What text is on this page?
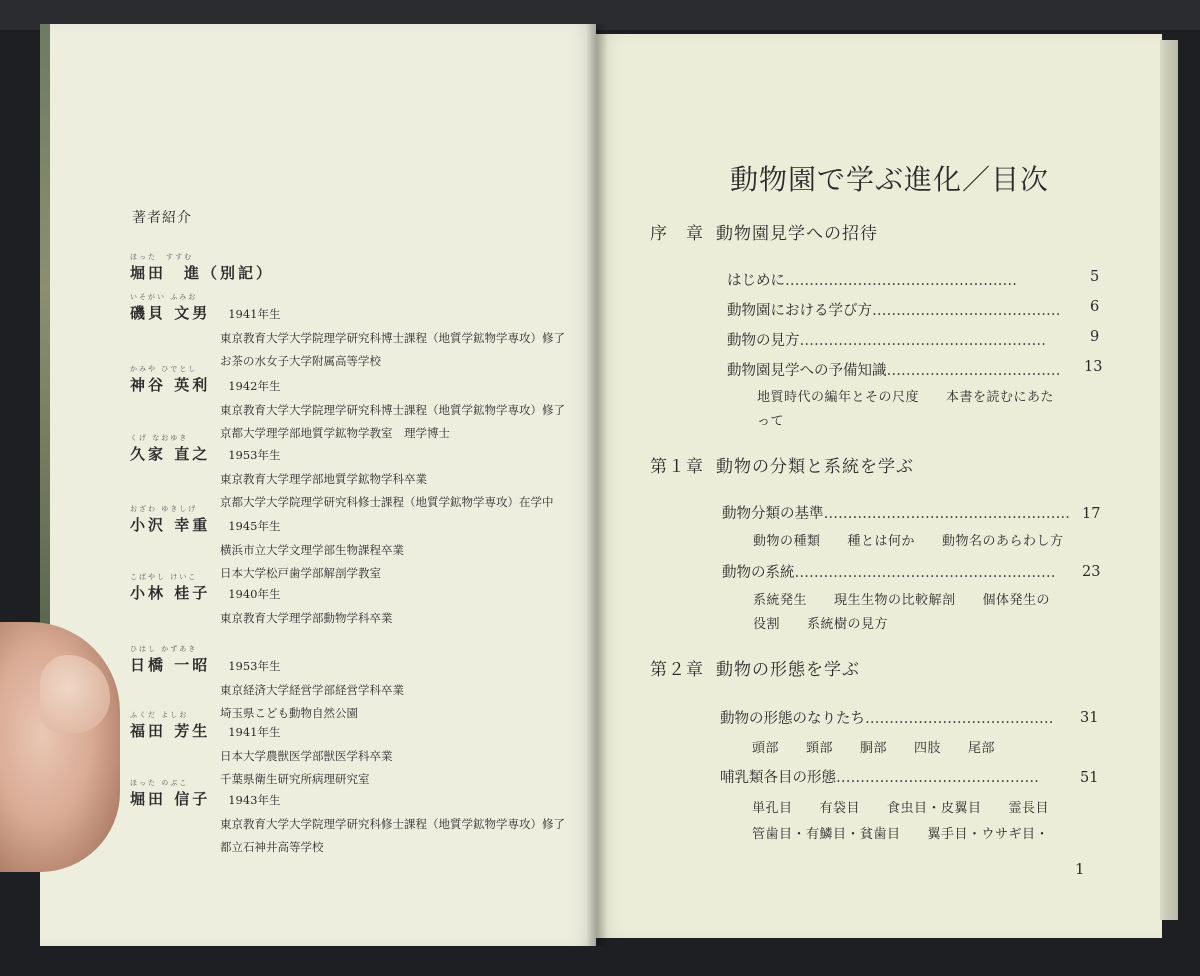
著者紹介
ほった　すすむ
堀田　進（別記）
いそがい ふみお
磯貝 文男 1941年生
東京教育大学大学院理学研究科博士課程（地質学鉱物学専攻）修了
お茶の水女子大学附属高等学校
かみや ひでとし
神谷 英利 1942年生
東京教育大学大学院理学研究科博士課程（地質学鉱物学専攻）修了
京都大学理学部地質学鉱物学教室　理学博士
くげ なおゆき
久家 直之 1953年生
東京教育大学理学部地質学鉱物学科卒業
京都大学大学院理学研究科修士課程（地質学鉱物学専攻）在学中
おざわ ゆきしげ
小沢 幸重 1945年生
横浜市立大学文理学部生物課程卒業
日本大学松戸歯学部解剖学教室
こばやし けいこ
小林 桂子 1940年生
東京教育大学理学部動物学科卒業
ひはし かずあき
日橋 一昭 1953年生
東京経済大学経営学部経営学科卒業
埼玉県こども動物自然公園
ふくだ よしお
福田 芳生 1941年生
日本大学農獣医学部獣医学科卒業
千葉県衛生研究所病理研究室
ほった のぶこ
堀田 信子 1943年生
東京教育大学大学院理学研究科修士課程（地質学鉱物学専攻）修了
都立石神井高等学校
動物園で学ぶ進化／目次
序　章 動物園見学への招待
はじめに…………………………………………	5
動物園における学び方………………………………… 6
動物の見方……………………………………………	9
動物園見学への予備知識……………………………… 13
地質時代の編年とその尺度　　本書を読むにあた
って
第１章 動物の分類と系統を学ぶ
動物分類の基準…………………………………………… 17
動物の種類　　種とは何か　　動物名のあらわし方
動物の系統……………………………………………… 23
系統発生　　現生生物の比較解剖　　個体発生の
役割　　系統樹の見方
第２章 動物の形態を学ぶ
動物の形態のなりたち………………………………… 31
頭部　　頸部　　胴部　　四肢　　尾部
哺乳類各目の形態……………………………………	51
単孔目　　有袋目　　食虫目・皮翼目　　霊長目
管歯目・有鱗目・貧歯目　　翼手目・ウサギ目・
1
